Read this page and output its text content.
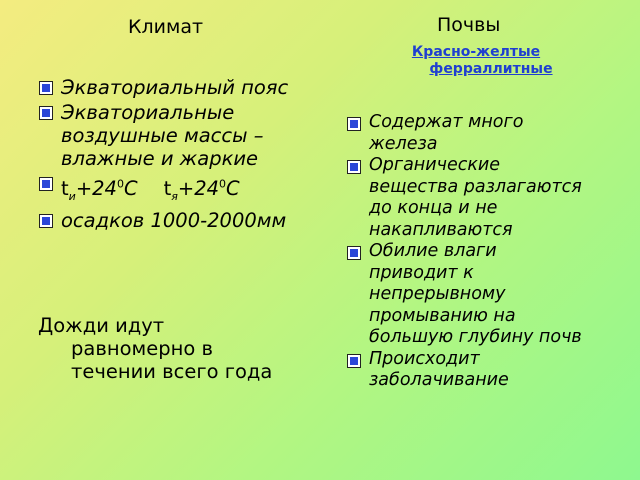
Климат	Почвы
Красно-желтые
ферраллитные
Экваториальный пояс
Экваториальные воздушные массы – влажные и жаркие
$t_и+24^0С$ $t_я+24^0С$
осадков 1000-2000мм
Дожди идут
равномерно в течении всего года
Содержат много железа
Органические вещества разлагаются до конца и не накапливаются
Обилие влаги приводит к непрерывному промыванию на большую глубину почв
Происходит заболачивание
